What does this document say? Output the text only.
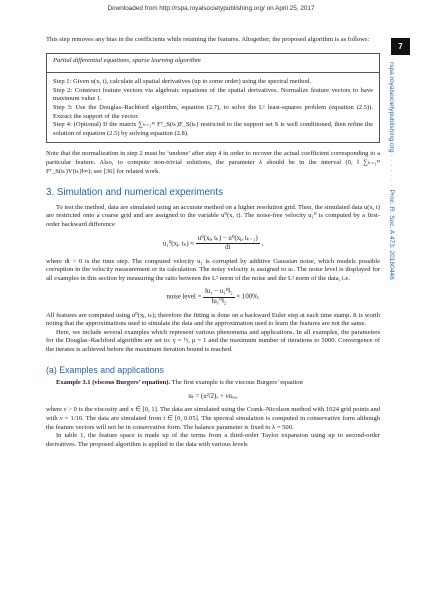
Downloaded from http://rspa.royalsocietypublishing.org/ on April 25, 2017
7
rspa.royalsocietypublishing.org · · · · · · · Proc. R. Soc. A 473: 20160446

This step removes any bias in the coefficients while retaining the features. Altogether, the proposed algorithm is as follows:

Partial differential equations, sparse learning algorithm

Step 1: Given u(x, t), calculate all spatial derivatives (up to some order) using the spectral method.

Step 2: Construct feature vectors via algebraic equations of the spatial derivatives. Normalize feature vectors to have maximum value 1.

Step 3: Use the Douglas–Rachford algorithm, equation (2.7), to solve the L¹ least-squares problem (equation (2.5)). Extract the support of the vector.

Step 4: (Optional) If the matrix ∑ₖ₌₁ᴹ Fᵀ_S(tₖ)F_S(tₖ) restricted to the support set S is well conditioned, then refine the solution of equation (2.5) by solving equation (2.8).

Note that the normalization in step 2 must be ‘undone’ after step 4 in order to recover the actual coefficient corresponding to a particular feature. Also, to compute non-trivial solutions, the parameter λ should be in the interval (0, ‖ ∑ₖ₌₁ᴹ Fᵀ_S(tₖ)V(tₖ)‖∞); see [36] for related work.

3. Simulation and numerical experiments

To test the method, data are simulated using an accurate method on a higher resolution grid. Then, the simulated data u(x, t) are restricted onto a coarse grid and are assigned to the variable u⁰(x, t). The noise-free velocity u₁⁰ is computed by a first-order backward difference

u₁⁰(xⱼ, $t_k) \approx \frac{\text{u⁰(xⱼ, tₖ) − u⁰(xⱼ, tₖ₋₁)}}{dt}$ ,

where dt > 0 is the time step. The computed velocity u₁ is corrupted by additive Gaussian noise, which models possible corruption in the velocity measurement or its calculation. The noisy velocity is assigned to uₜ. The noise level is displayed for all examples in this section by measuring the ratio between the L² norm of the noise and the L² norm of the data, i.e.

noise level = $\frac{\text{‖u₁ − u₁⁰‖₂}}{\text{‖u₁⁰‖₂}} \times 100\%$.

All features are computed using u⁰(xⱼ, tₖ); therefore the fitting is done on a backward Euler step at each time stamp. It is worth noting that the approximations used to simulate the data and the approximation used to learn the features are not the same.

Here, we include several examples which represent various phenomena and applications. In all examples, the parameters for the Douglas–Rachford algorithm are set to: γ = ½, μ = 1 and the maximum number of iterations to 5000. Convergence of the iterates is achieved before the maximum iteration bound is reached.

(a) Examples and applications

Example 3.1 (viscous Burgers’ equation). The first example is the viscous Burgers’ equation

uₜ = (u²/2)ₓ + νuₓₓ,

where ν > 0 is the viscosity and x ∈ [0, 1]. The data are simulated using the Crank–Nicolson method with 1024 grid points and with ν = 1/10. The data are simulated from t ∈ [0, 0.05]. The spectral simulation is computed in conservative form although the feature vectors will not be in conservative form. The balance parameter is fixed to λ = 500.

In table 1, the feature space is made up of the terms from a third-order Taylor expansion using up to second-order derivatives. The proposed algorithm is applied to the data with various levels
